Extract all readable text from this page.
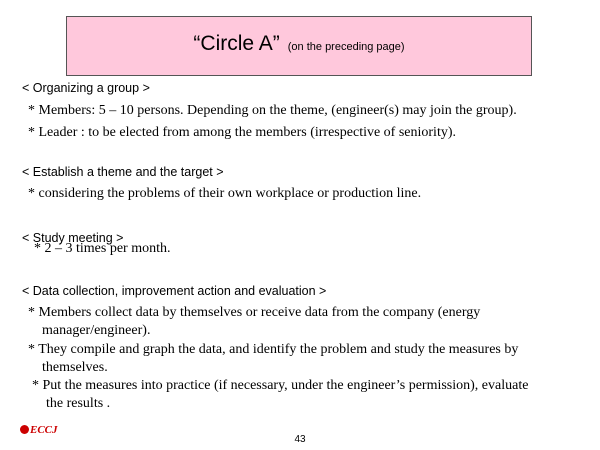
“Circle A” (on the preceding page)
< Organizing a group >
* Members: 5 – 10 persons. Depending on the theme, (engineer(s) may join the group).
* Leader : to be elected from among the members (irrespective of seniority).
< Establish a theme and the target >
* considering the problems of their own workplace or production line.
< Study meeting >
* 2 – 3 times per month.
< Data collection, improvement action and evaluation >
* Members collect data by themselves or receive data from the company (energy
manager/engineer).
* They compile and graph the data, and identify the problem and study the measures by
themselves.
* Put the measures into practice (if necessary, under the engineer’s permission), evaluate
the results .
ECCJ
43
